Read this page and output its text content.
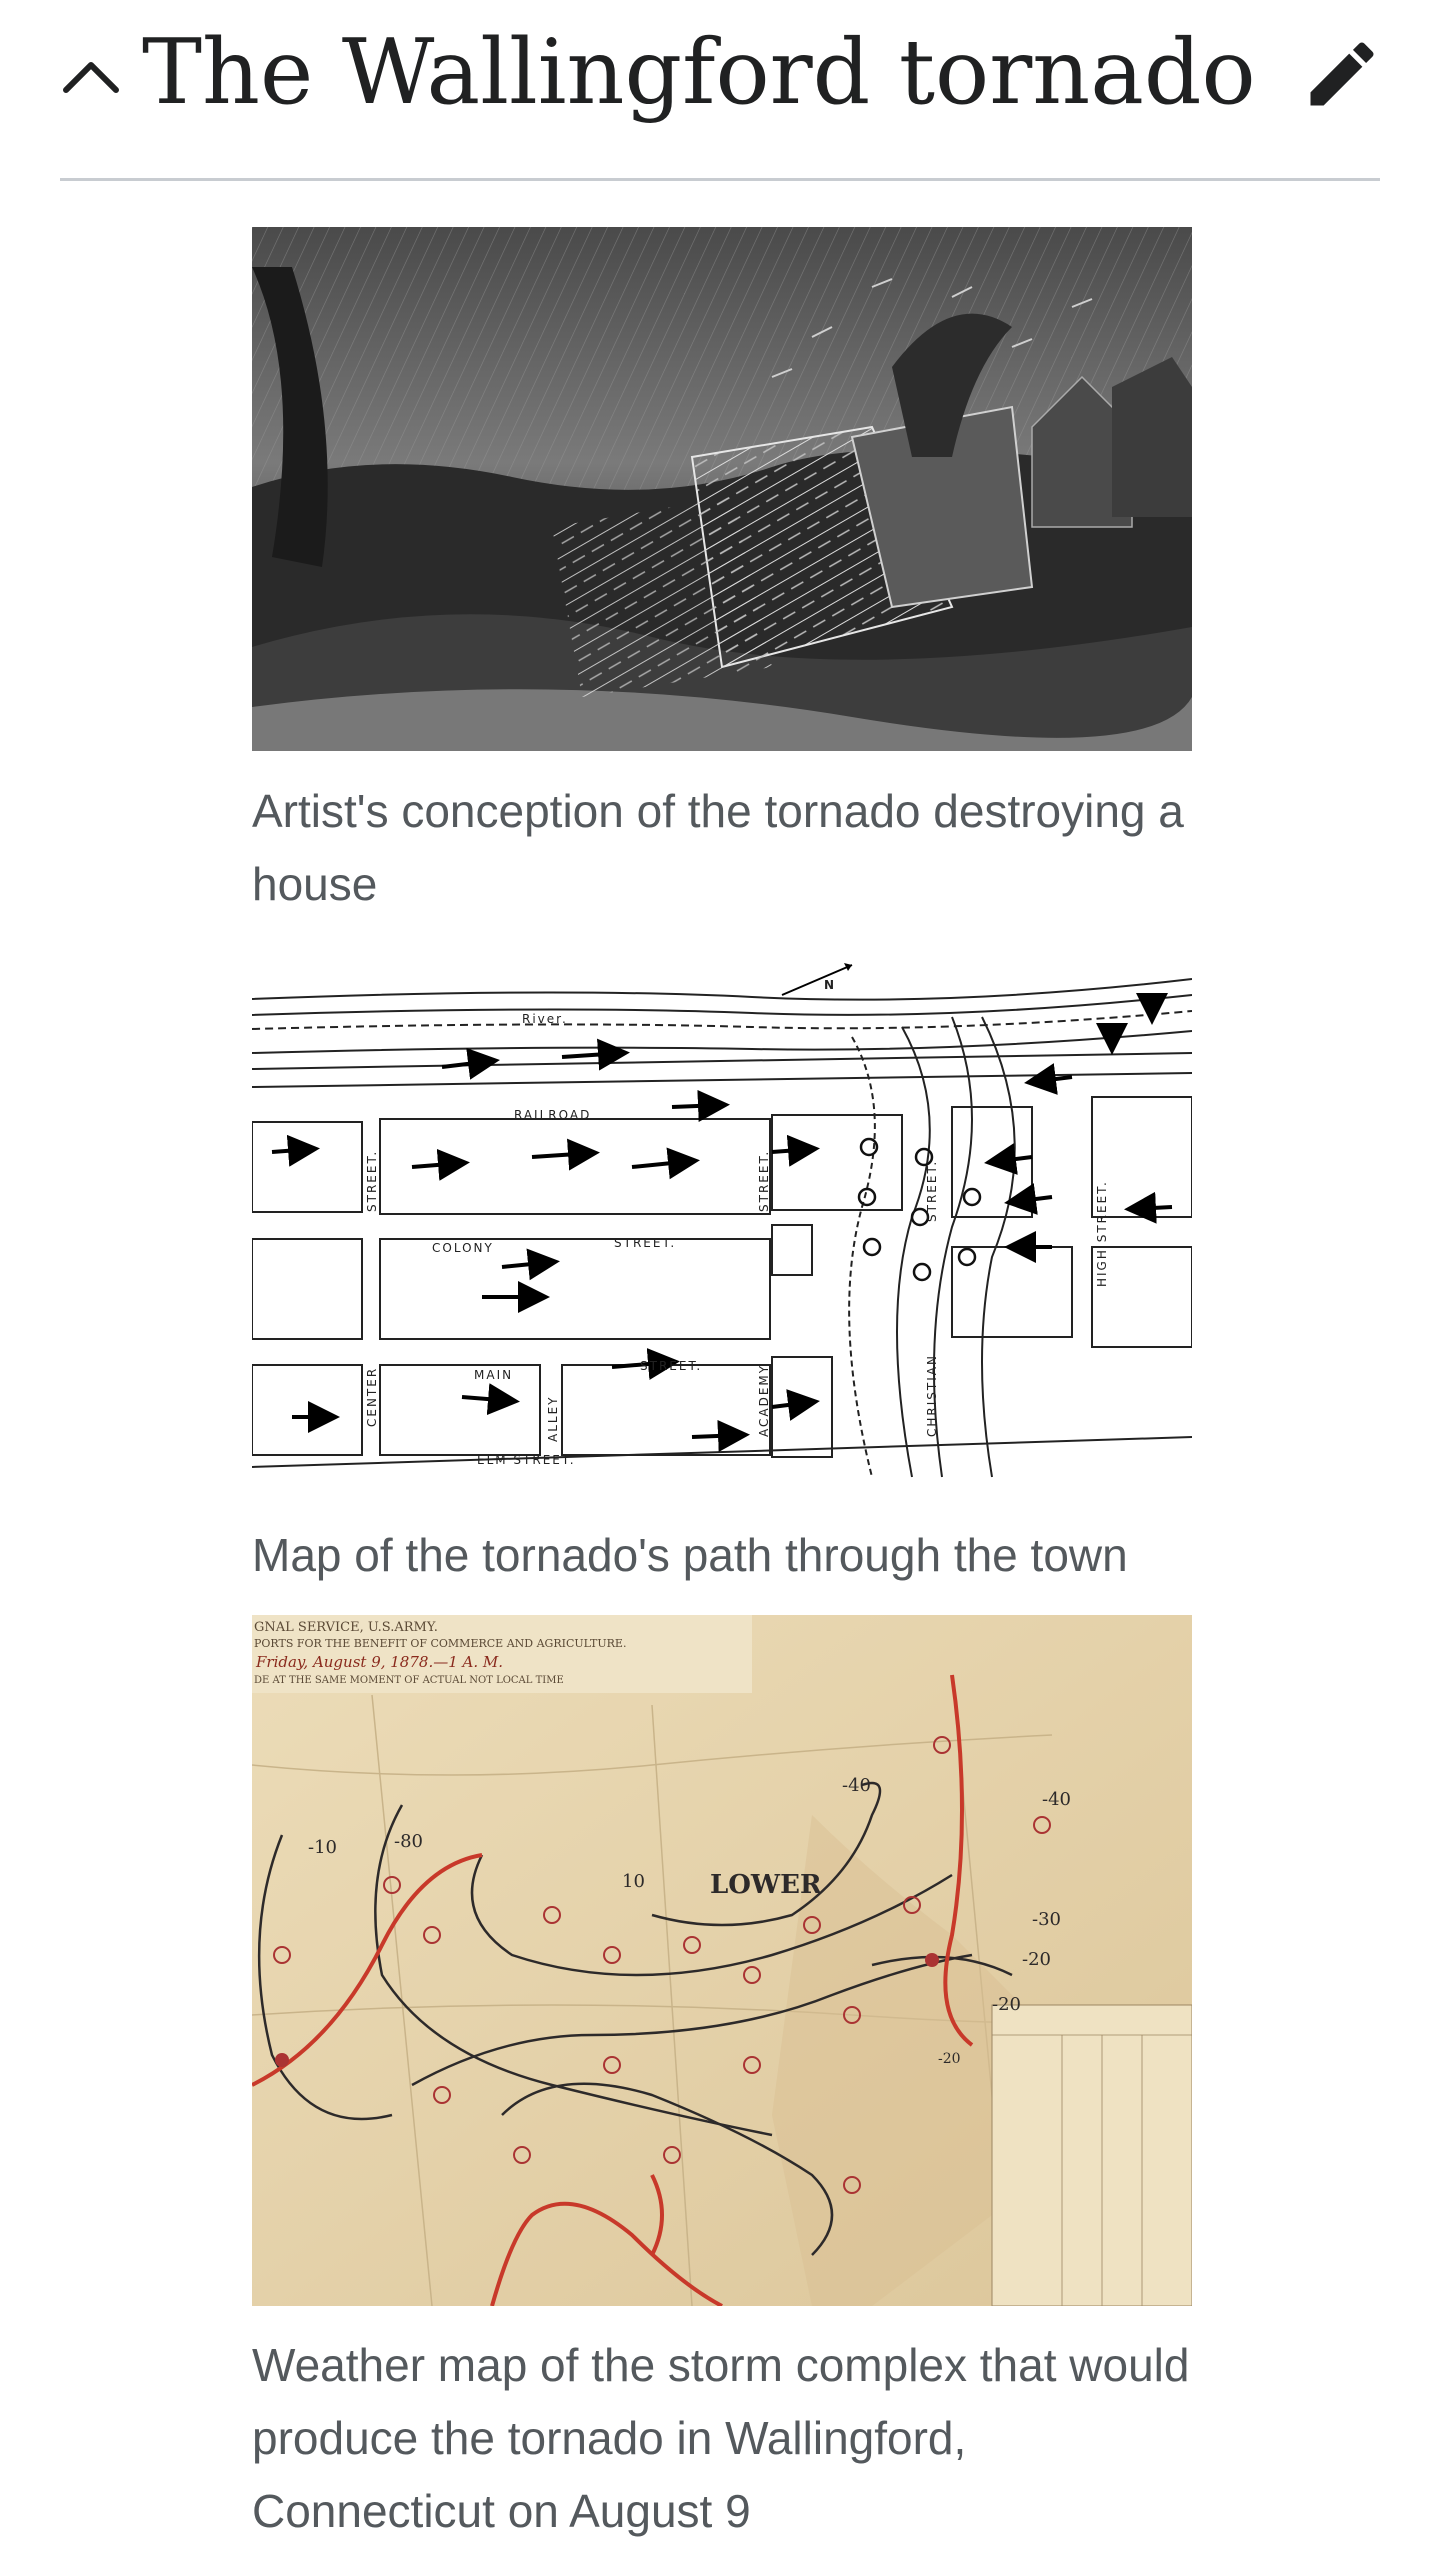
The Wallingford tornado

Artist's conception of the tornado destroying a house

River.
N
RAILROAD
COLONY	STREET.
MAIN
STREET.
ELM STREET.
CENTER
STREET.
ALLEY	ACADEMY
STREET.
CHRISTIAN
STREET.	HIGH STREET.

Map of the tornado's path through the town

GNAL SERVICE, U.S.ARMY.
PORTS FOR THE BENEFIT OF COMMERCE AND AGRICULTURE.
Friday, August 9, 1878.—1 A. M.
DE AT THE SAME MOMENT OF ACTUAL NOT LOCAL TIME
LOWER
-10	-80
-40
-40
-30
-20
-20
-20
10

Weather map of the storm complex that would produce the tornado in Wallingford, Connecticut on August 9
